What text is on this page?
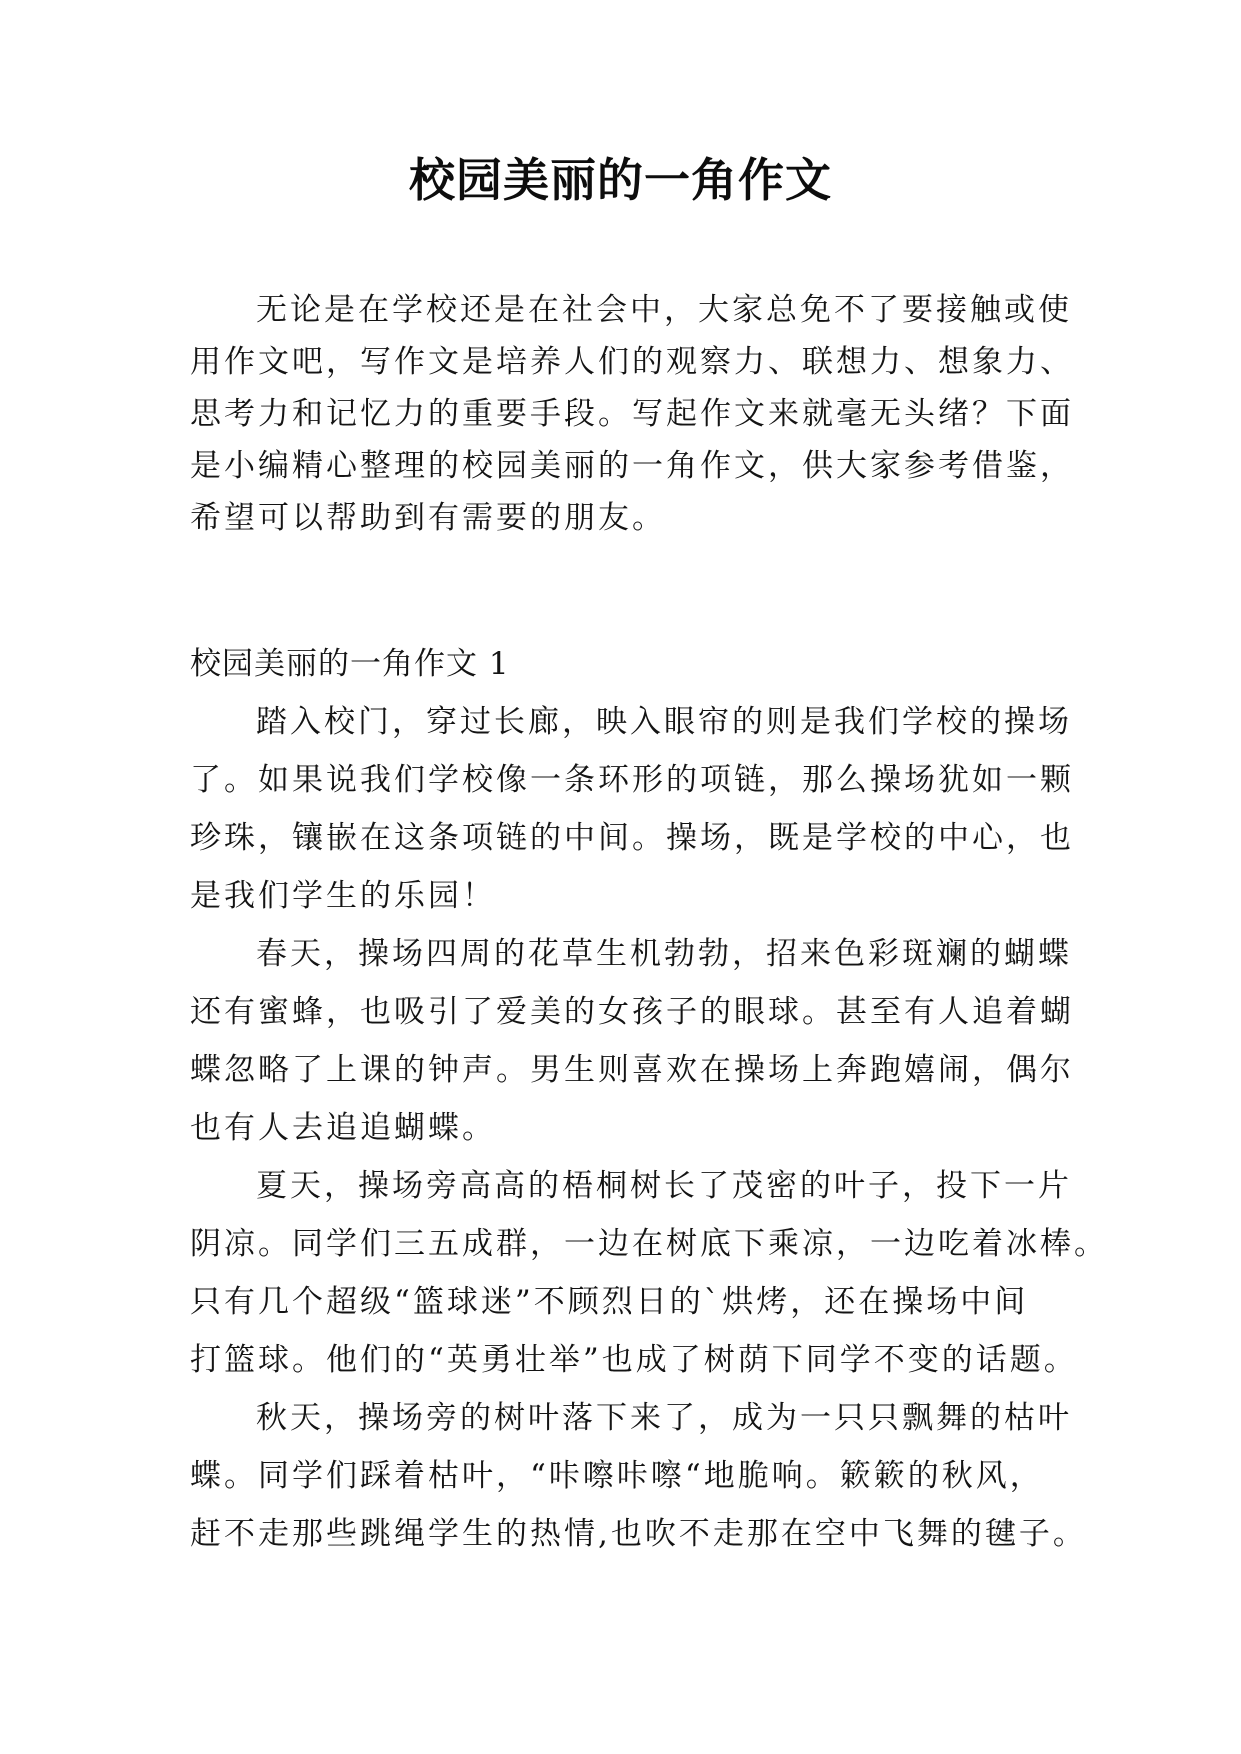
校园美丽的一角作文
无论是在学校还是在社会中，大家总免不了要接触或使
用作文吧，写作文是培养人们的观察力、联想力、想象力、
思考力和记忆力的重要手段。写起作文来就毫无头绪？下面
是小编精心整理的校园美丽的一角作文，供大家参考借鉴，
希望可以帮助到有需要的朋友。
校园美丽的一角作文 1
踏入校门，穿过长廊，映入眼帘的则是我们学校的操场
了。如果说我们学校像一条环形的项链，那么操场犹如一颗
珍珠，镶嵌在这条项链的中间。操场，既是学校的中心，也
是我们学生的乐园！
春天，操场四周的花草生机勃勃，招来色彩斑斓的蝴蝶
还有蜜蜂，也吸引了爱美的女孩子的眼球。甚至有人追着蝴
蝶忽略了上课的钟声。男生则喜欢在操场上奔跑嬉闹，偶尔
也有人去追追蝴蝶。
夏天，操场旁高高的梧桐树长了茂密的叶子，投下一片
阴凉。同学们三五成群，一边在树底下乘凉，一边吃着冰棒。
只有几个超级“篮球迷”不顾烈日的`烘烤，还在操场中间
打篮球。他们的“英勇壮举”也成了树荫下同学不变的话题。
秋天，操场旁的树叶落下来了，成为一只只飘舞的枯叶
蝶。同学们踩着枯叶，“咔嚓咔嚓“地脆响。簌簌的秋风，
赶不走那些跳绳学生的热情,也吹不走那在空中飞舞的毽子。
